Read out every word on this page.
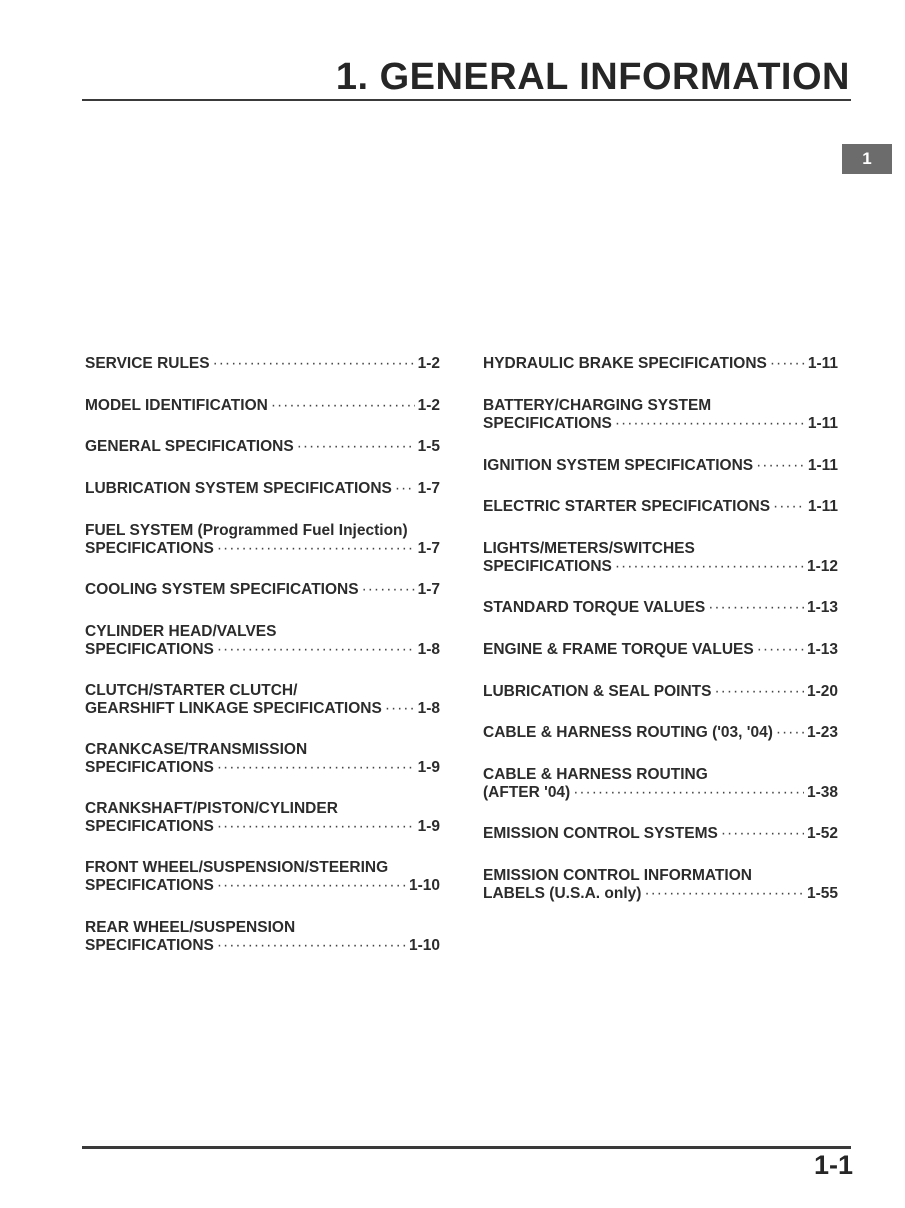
1. GENERAL INFORMATION
1
SERVICE RULES ·····	1-2
MODEL IDENTIFICATION ·····	1-2
GENERAL SPECIFICATIONS ·····	1-5
LUBRICATION SYSTEM SPECIFICATIONS ····· 1-7
FUEL SYSTEM (Programmed Fuel Injection)
SPECIFICATIONS ·····	1-7
COOLING SYSTEM SPECIFICATIONS ·····	1-7
CYLINDER HEAD/VALVES
SPECIFICATIONS ·····	1-8
CLUTCH/STARTER CLUTCH/
GEARSHIFT LINKAGE SPECIFICATIONS ····· 1-8
CRANKCASE/TRANSMISSION
SPECIFICATIONS ·····	1-9
CRANKSHAFT/PISTON/CYLINDER
SPECIFICATIONS ·····	1-9
FRONT WHEEL/SUSPENSION/STEERING
SPECIFICATIONS ·····	1-10
REAR WHEEL/SUSPENSION
SPECIFICATIONS ·····	1-10
HYDRAULIC BRAKE SPECIFICATIONS ·····	1-11
BATTERY/CHARGING SYSTEM
SPECIFICATIONS ·····	1-11
IGNITION SYSTEM SPECIFICATIONS ·····	1-11
ELECTRIC STARTER SPECIFICATIONS ····· 1-11
LIGHTS/METERS/SWITCHES
SPECIFICATIONS ·····	1-12
STANDARD TORQUE VALUES ·····	1-13
ENGINE & FRAME TORQUE VALUES ·····	1-13
LUBRICATION & SEAL POINTS ·····	1-20
CABLE & HARNESS ROUTING ('03, '04) ····· 1-23
CABLE & HARNESS ROUTING
(AFTER '04) ·····	1-38
EMISSION CONTROL SYSTEMS ·····	1-52
EMISSION CONTROL INFORMATION
LABELS (U.S.A. only) ·····	1-55
1-1
